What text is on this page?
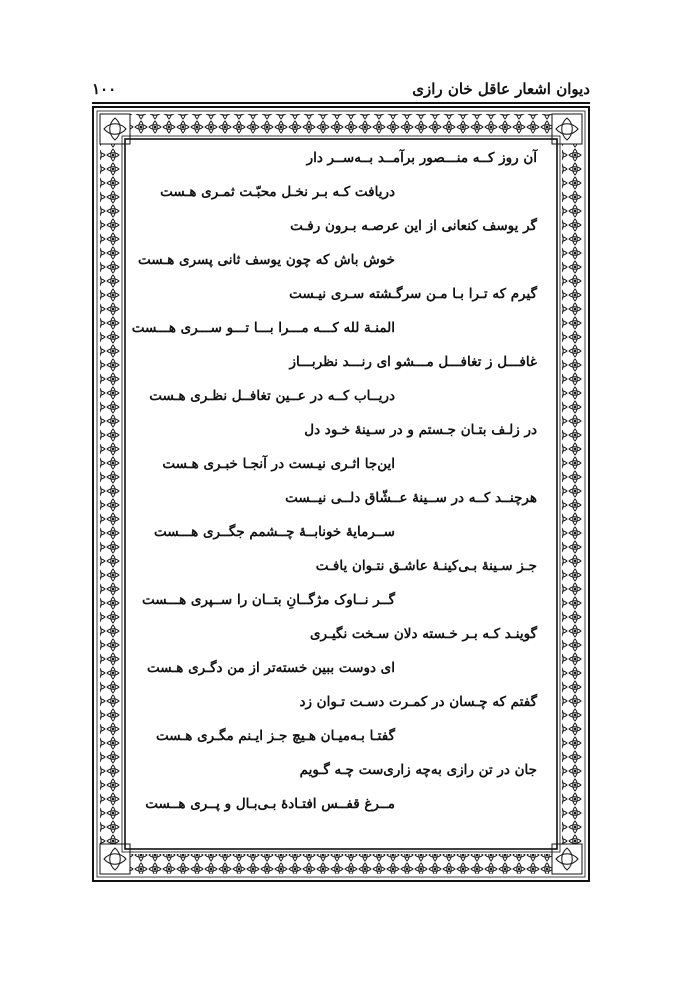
دیوان اشعار عاقل خان رازی
۱۰۰
آن روز کــه منـــصور برآمــد بــه‌ســر دار
دریافت کـه بـر نخـل محبّـت ثمـری هـست
گر یوسف کنعانی از این عرصـه بـرون رفـت
خوش باش که چون یوسف ثانی پسری هـست
گیرم که تـرا بـا مـن سرگـشته سـری نیـست
المنـة لله کـــه مـــرا بـــا تـــو ســـری هـــست
غافـــل ز تغافـــل مـــشو ای رنـــد نظربـــاز
دریــاب کــه در عــین تغافــل نظـری هـست
در زلـف بتـان جـستم و در سـینهٔ خـود دل
این‌جا اثـری نیـست در آنجـا خبـری هـست
هرچنــد کــه در ســینهٔ عــشّاق دلــی نیــست
ســرمایهٔ خونابــهٔ چــشمم جگــری هـــست
جـز سـینهٔ بـی‌کینـهٔ عاشـق نتـوان یافـت
گــر نــاوک مژگــانِ بتــان را ســپری هـــست
گوینـد کـه بـر خـسته دلان سـخت نگیـری
ای دوست ببین خسته‌تر از من دگـری هـست
گفتم که چـسان در کمـرت دسـت تـوان زد
گفتـا بـه‌میـان هـیچ جـز ایـنم مگـری هـست
جان در تن رازی به‌چه زاری‌ست چـه گـویم
مــرغ قفــس افتـادهٔ بـی‌بـال و پــری هــست
